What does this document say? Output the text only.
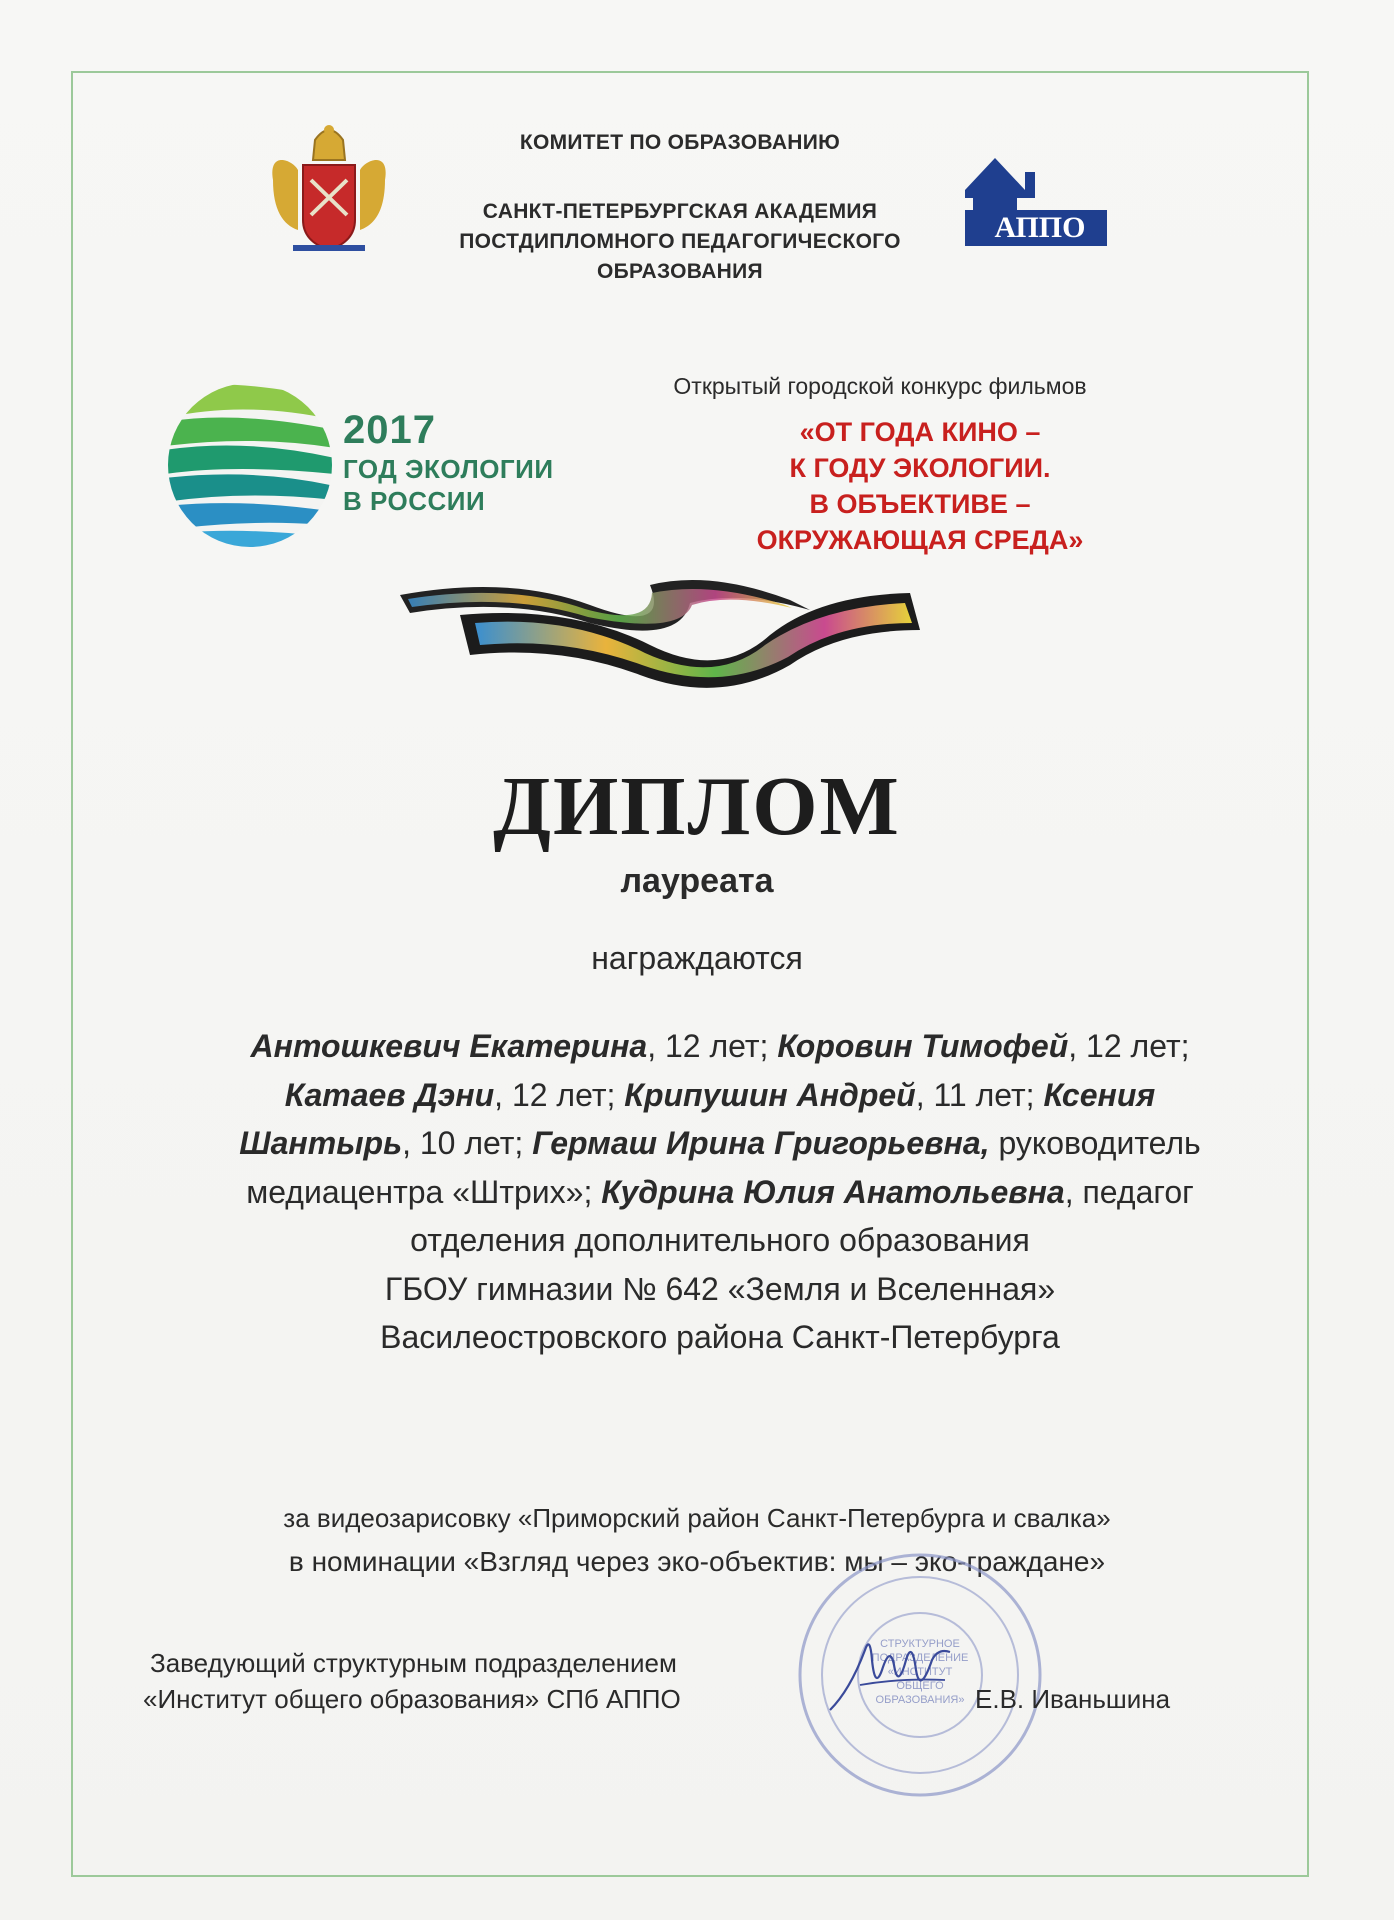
КОМИТЕТ ПО ОБРАЗОВАНИЮ
САНКТ-ПЕТЕРБУРГСКАЯ АКАДЕМИЯ
ПОСТДИПЛОМНОГО ПЕДАГОГИЧЕСКОГО
ОБРАЗОВАНИЯ
АППО
2017
ГОД ЭКОЛОГИИ
В РОССИИ
Открытый городской конкурс фильмов
«ОТ ГОДА КИНО –
К ГОДУ ЭКОЛОГИИ.
В ОБЪЕКТИВЕ –
ОКРУЖАЮЩАЯ СРЕДА»
ДИПЛОМ
лауреата
награждаются
Антошкевич Екатерина, 12 лет; Коровин Тимофей, 12 лет; Катаев Дэни, 12 лет; Крипушин Андрей, 11 лет; Ксения Шантырь, 10 лет; Гермаш Ирина Григорьевна, руководитель медиацентра «Штрих»; Кудрина Юлия Анатольевна, педагог отделения дополнительного образования
ГБОУ гимназии № 642 «Земля и Вселенная»
Василеостровского района Санкт-Петербурга
за видеозарисовку «Приморский район Санкт-Петербурга и свалка»
в номинации «Взгляд через эко-объектив: мы – эко-граждане»
СТРУКТУРНОЕ
ПОДРАЗДЕЛЕНИЕ
«ИНСТИТУТ
ОБЩЕГО
ОБРАЗОВАНИЯ»
Заведующий структурным подразделением
«Институт общего образования» СПб АППО	Е.В. Иваньшина
